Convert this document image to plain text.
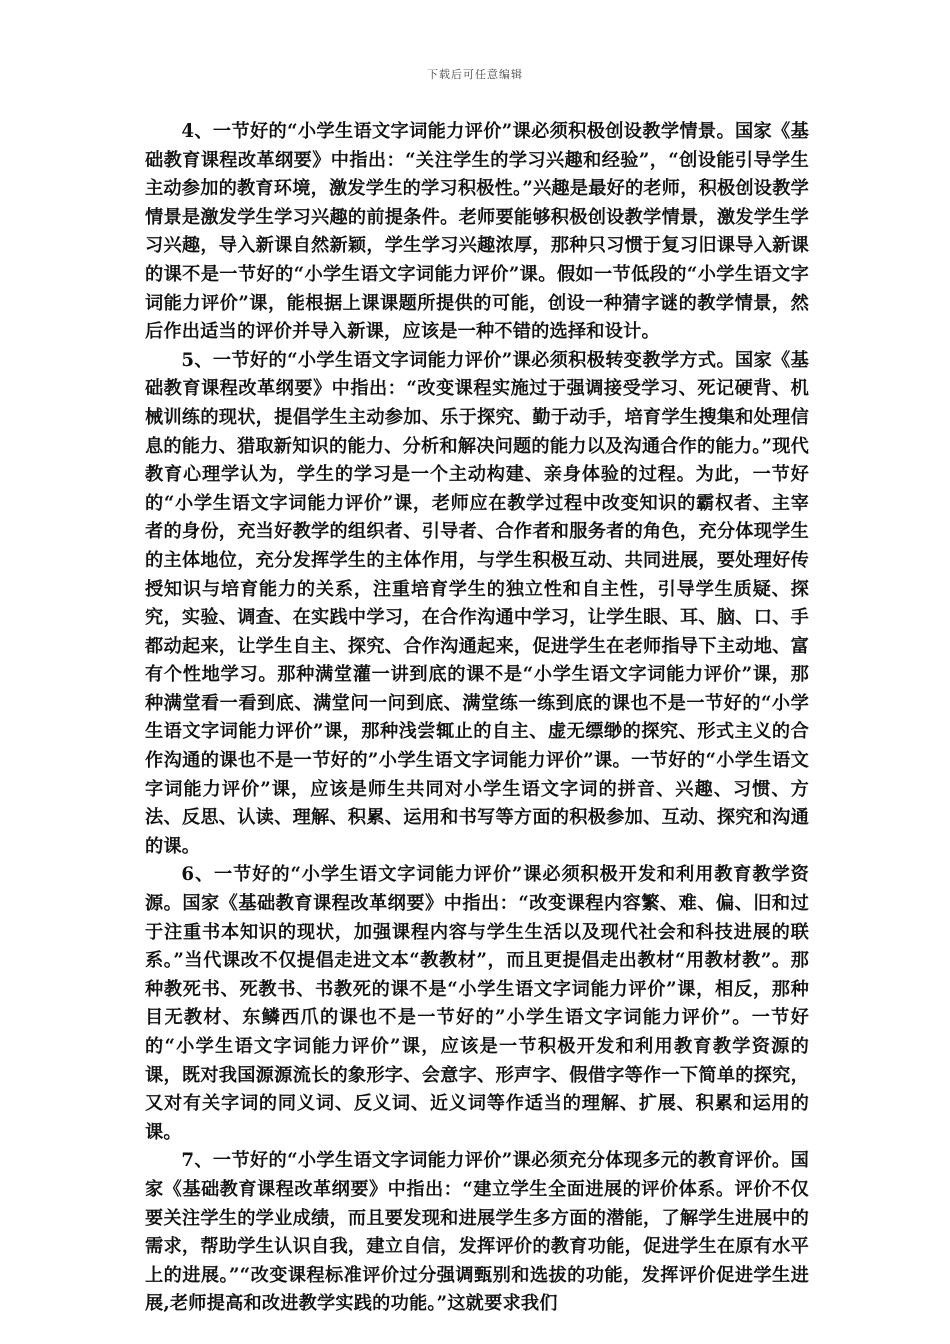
下载后可任意编辑

4、一节好的“小学生语文字词能力评价”课必须积极创设教学情景。国家《基础教育课程改革纲要》中指出：“关注学生的学习兴趣和经验”，“创设能引导学生主动参加的教育环境，激发学生的学习积极性。”兴趣是最好的老师，积极创设教学情景是激发学生学习兴趣的前提条件。老师要能够积极创设教学情景，激发学生学习兴趣，导入新课自然新颖，学生学习兴趣浓厚，那种只习惯于复习旧课导入新课的课不是一节好的“小学生语文字词能力评价”课。假如一节低段的“小学生语文字词能力评价”课，能根据上课课题所提供的可能，创设一种猜字谜的教学情景，然后作出适当的评价并导入新课，应该是一种不错的选择和设计。

5、一节好的“小学生语文字词能力评价”课必须积极转变教学方式。国家《基础教育课程改革纲要》中指出：“改变课程实施过于强调接受学习、死记硬背、机械训练的现状，提倡学生主动参加、乐于探究、勤于动手，培育学生搜集和处理信息的能力、猎取新知识的能力、分析和解决问题的能力以及沟通合作的能力。”现代教育心理学认为，学生的学习是一个主动构建、亲身体验的过程。为此，一节好的“小学生语文字词能力评价”课，老师应在教学过程中改变知识的霸权者、主宰者的身份，充当好教学的组织者、引导者、合作者和服务者的角色，充分体现学生的主体地位，充分发挥学生的主体作用，与学生积极互动、共同进展，要处理好传授知识与培育能力的关系，注重培育学生的独立性和自主性，引导学生质疑、探究，实验、调查、在实践中学习，在合作沟通中学习，让学生眼、耳、脑、口、手都动起来，让学生自主、探究、合作沟通起来，促进学生在老师指导下主动地、富有个性地学习。那种满堂灌一讲到底的课不是“小学生语文字词能力评价”课，那种满堂看一看到底、满堂问一问到底、满堂练一练到底的课也不是一节好的“小学生语文字词能力评价”课，那种浅尝辄止的自主、虚无缥缈的探究、形式主义的合作沟通的课也不是一节好的”小学生语文字词能力评价”课。一节好的“小学生语文字词能力评价”课，应该是师生共同对小学生语文字词的拼音、兴趣、习惯、方法、反思、认读、理解、积累、运用和书写等方面的积极参加、互动、探究和沟通的课。

6、一节好的“小学生语文字词能力评价”课必须积极开发和利用教育教学资源。国家《基础教育课程改革纲要》中指出：“改变课程内容繁、难、偏、旧和过于注重书本知识的现状，加强课程内容与学生生活以及现代社会和科技进展的联系。”当代课改不仅提倡走进文本“教教材”，而且更提倡走出教材“用教材教”。那种教死书、死教书、书教死的课不是“小学生语文字词能力评价”课，相反，那种目无教材、东鳞西爪的课也不是一节好的”小学生语文字词能力评价”。一节好的“小学生语文字词能力评价”课，应该是一节积极开发和利用教育教学资源的课，既对我国源源流长的象形字、会意字、形声字、假借字等作一下简单的探究，又对有关字词的同义词、反义词、近义词等作适当的理解、扩展、积累和运用的课。

7、一节好的“小学生语文字词能力评价”课必须充分体现多元的教育评价。国家《基础教育课程改革纲要》中指出：“建立学生全面进展的评价体系。评价不仅要关注学生的学业成绩，而且要发现和进展学生多方面的潜能，了解学生进展中的需求，帮助学生认识自我，建立自信，发挥评价的教育功能，促进学生在原有水平上的进展。”“改变课程标准评价过分强调甄别和选拔的功能，发挥评价促进学生进展,老师提高和改进教学实践的功能。”这就要求我们
